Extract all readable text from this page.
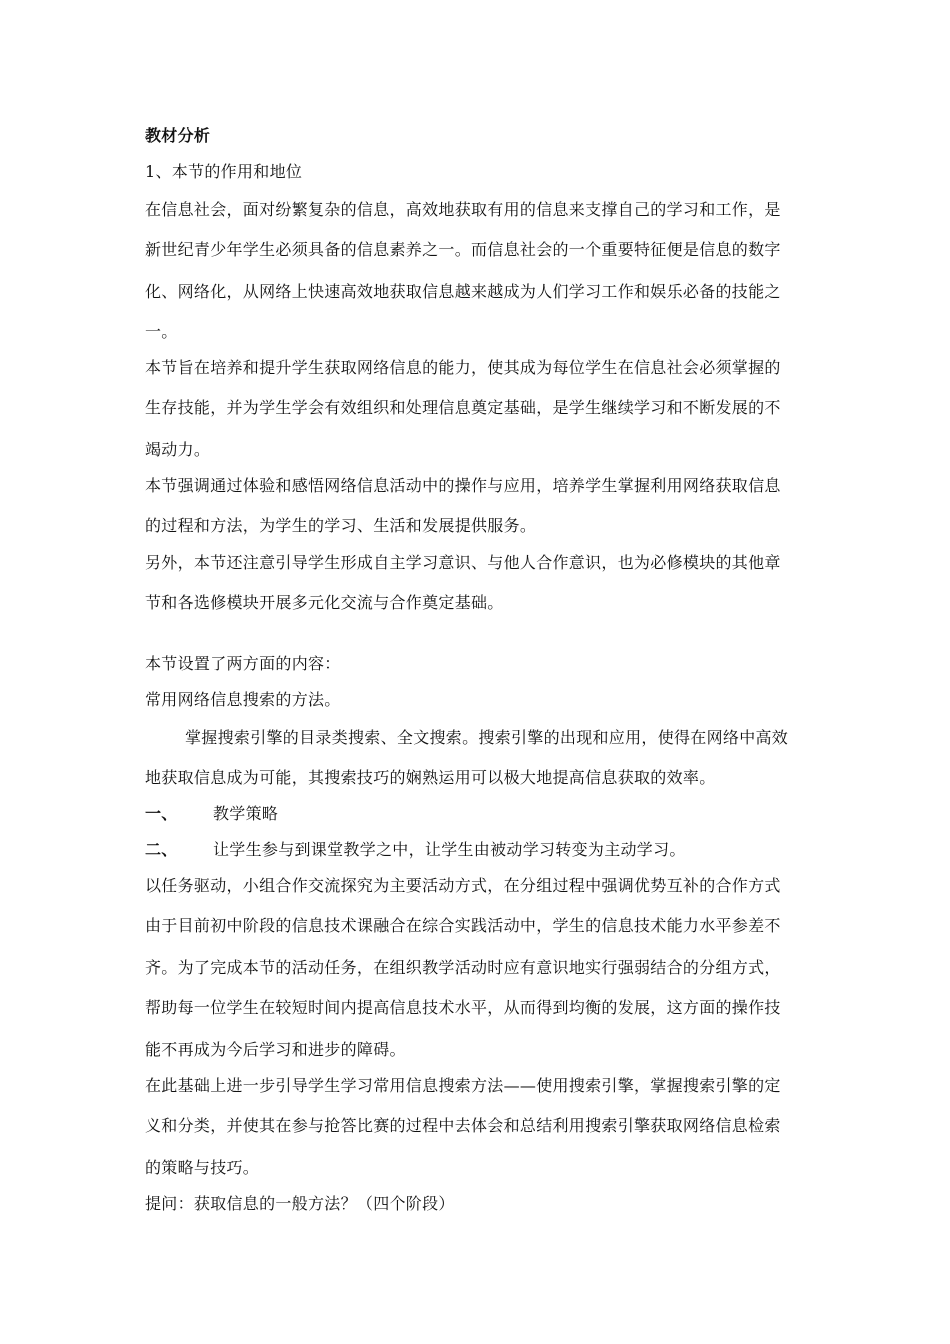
教材分析
1、本节的作用和地位
在信息社会，面对纷繁复杂的信息，高效地获取有用的信息来支撑自己的学习和工作，是
新世纪青少年学生必须具备的信息素养之一。而信息社会的一个重要特征便是信息的数字
化、网络化，从网络上快速高效地获取信息越来越成为人们学习工作和娱乐必备的技能之
一。
本节旨在培养和提升学生获取网络信息的能力，使其成为每位学生在信息社会必须掌握的
生存技能，并为学生学会有效组织和处理信息奠定基础，是学生继续学习和不断发展的不
竭动力。
本节强调通过体验和感悟网络信息活动中的操作与应用，培养学生掌握利用网络获取信息
的过程和方法，为学生的学习、生活和发展提供服务。
另外，本节还注意引导学生形成自主学习意识、与他人合作意识，也为必修模块的其他章
节和各选修模块开展多元化交流与合作奠定基础。
本节设置了两方面的内容：
常用网络信息搜索的方法。
掌握搜索引擎的目录类搜索、全文搜索。搜索引擎的出现和应用，使得在网络中高效
地获取信息成为可能，其搜索技巧的娴熟运用可以极大地提高信息获取的效率。
一、 教学策略
二、 让学生参与到课堂教学之中，让学生由被动学习转变为主动学习。
以任务驱动，小组合作交流探究为主要活动方式，在分组过程中强调优势互补的合作方式
由于目前初中阶段的信息技术课融合在综合实践活动中，学生的信息技术能力水平参差不
齐。为了完成本节的活动任务，在组织教学活动时应有意识地实行强弱结合的分组方式，
帮助每一位学生在较短时间内提高信息技术水平，从而得到均衡的发展，这方面的操作技
能不再成为今后学习和进步的障碍。
在此基础上进一步引导学生学习常用信息搜索方法——使用搜索引擎，掌握搜索引擎的定
义和分类，并使其在参与抢答比赛的过程中去体会和总结利用搜索引擎获取网络信息检索
的策略与技巧。
提问：获取信息的一般方法？（四个阶段）
